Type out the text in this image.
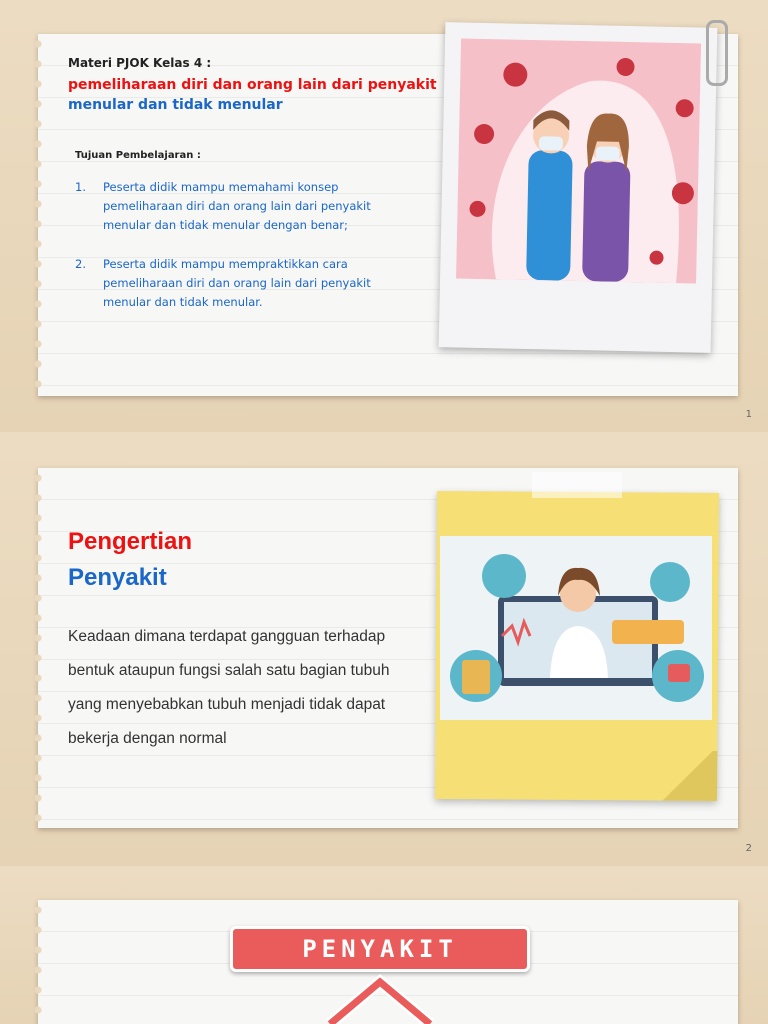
Materi PJOK Kelas 4 :
pemeliharaan diri dan orang lain dari penyakit
menular dan tidak menular
Tujuan Pembelajaran :
1. Peserta didik mampu memahami konsep pemeliharaan diri dan orang lain dari penyakit menular dan tidak menular dengan benar;
2. Peserta didik mampu mempraktikkan cara pemeliharaan diri dan orang lain dari penyakit menular dan tidak menular.
1
Pengertian
Penyakit
Keadaan dimana terdapat gangguan terhadap bentuk ataupun fungsi salah satu bagian tubuh yang menyebabkan tubuh menjadi tidak dapat bekerja dengan normal
2
PENYAKIT
